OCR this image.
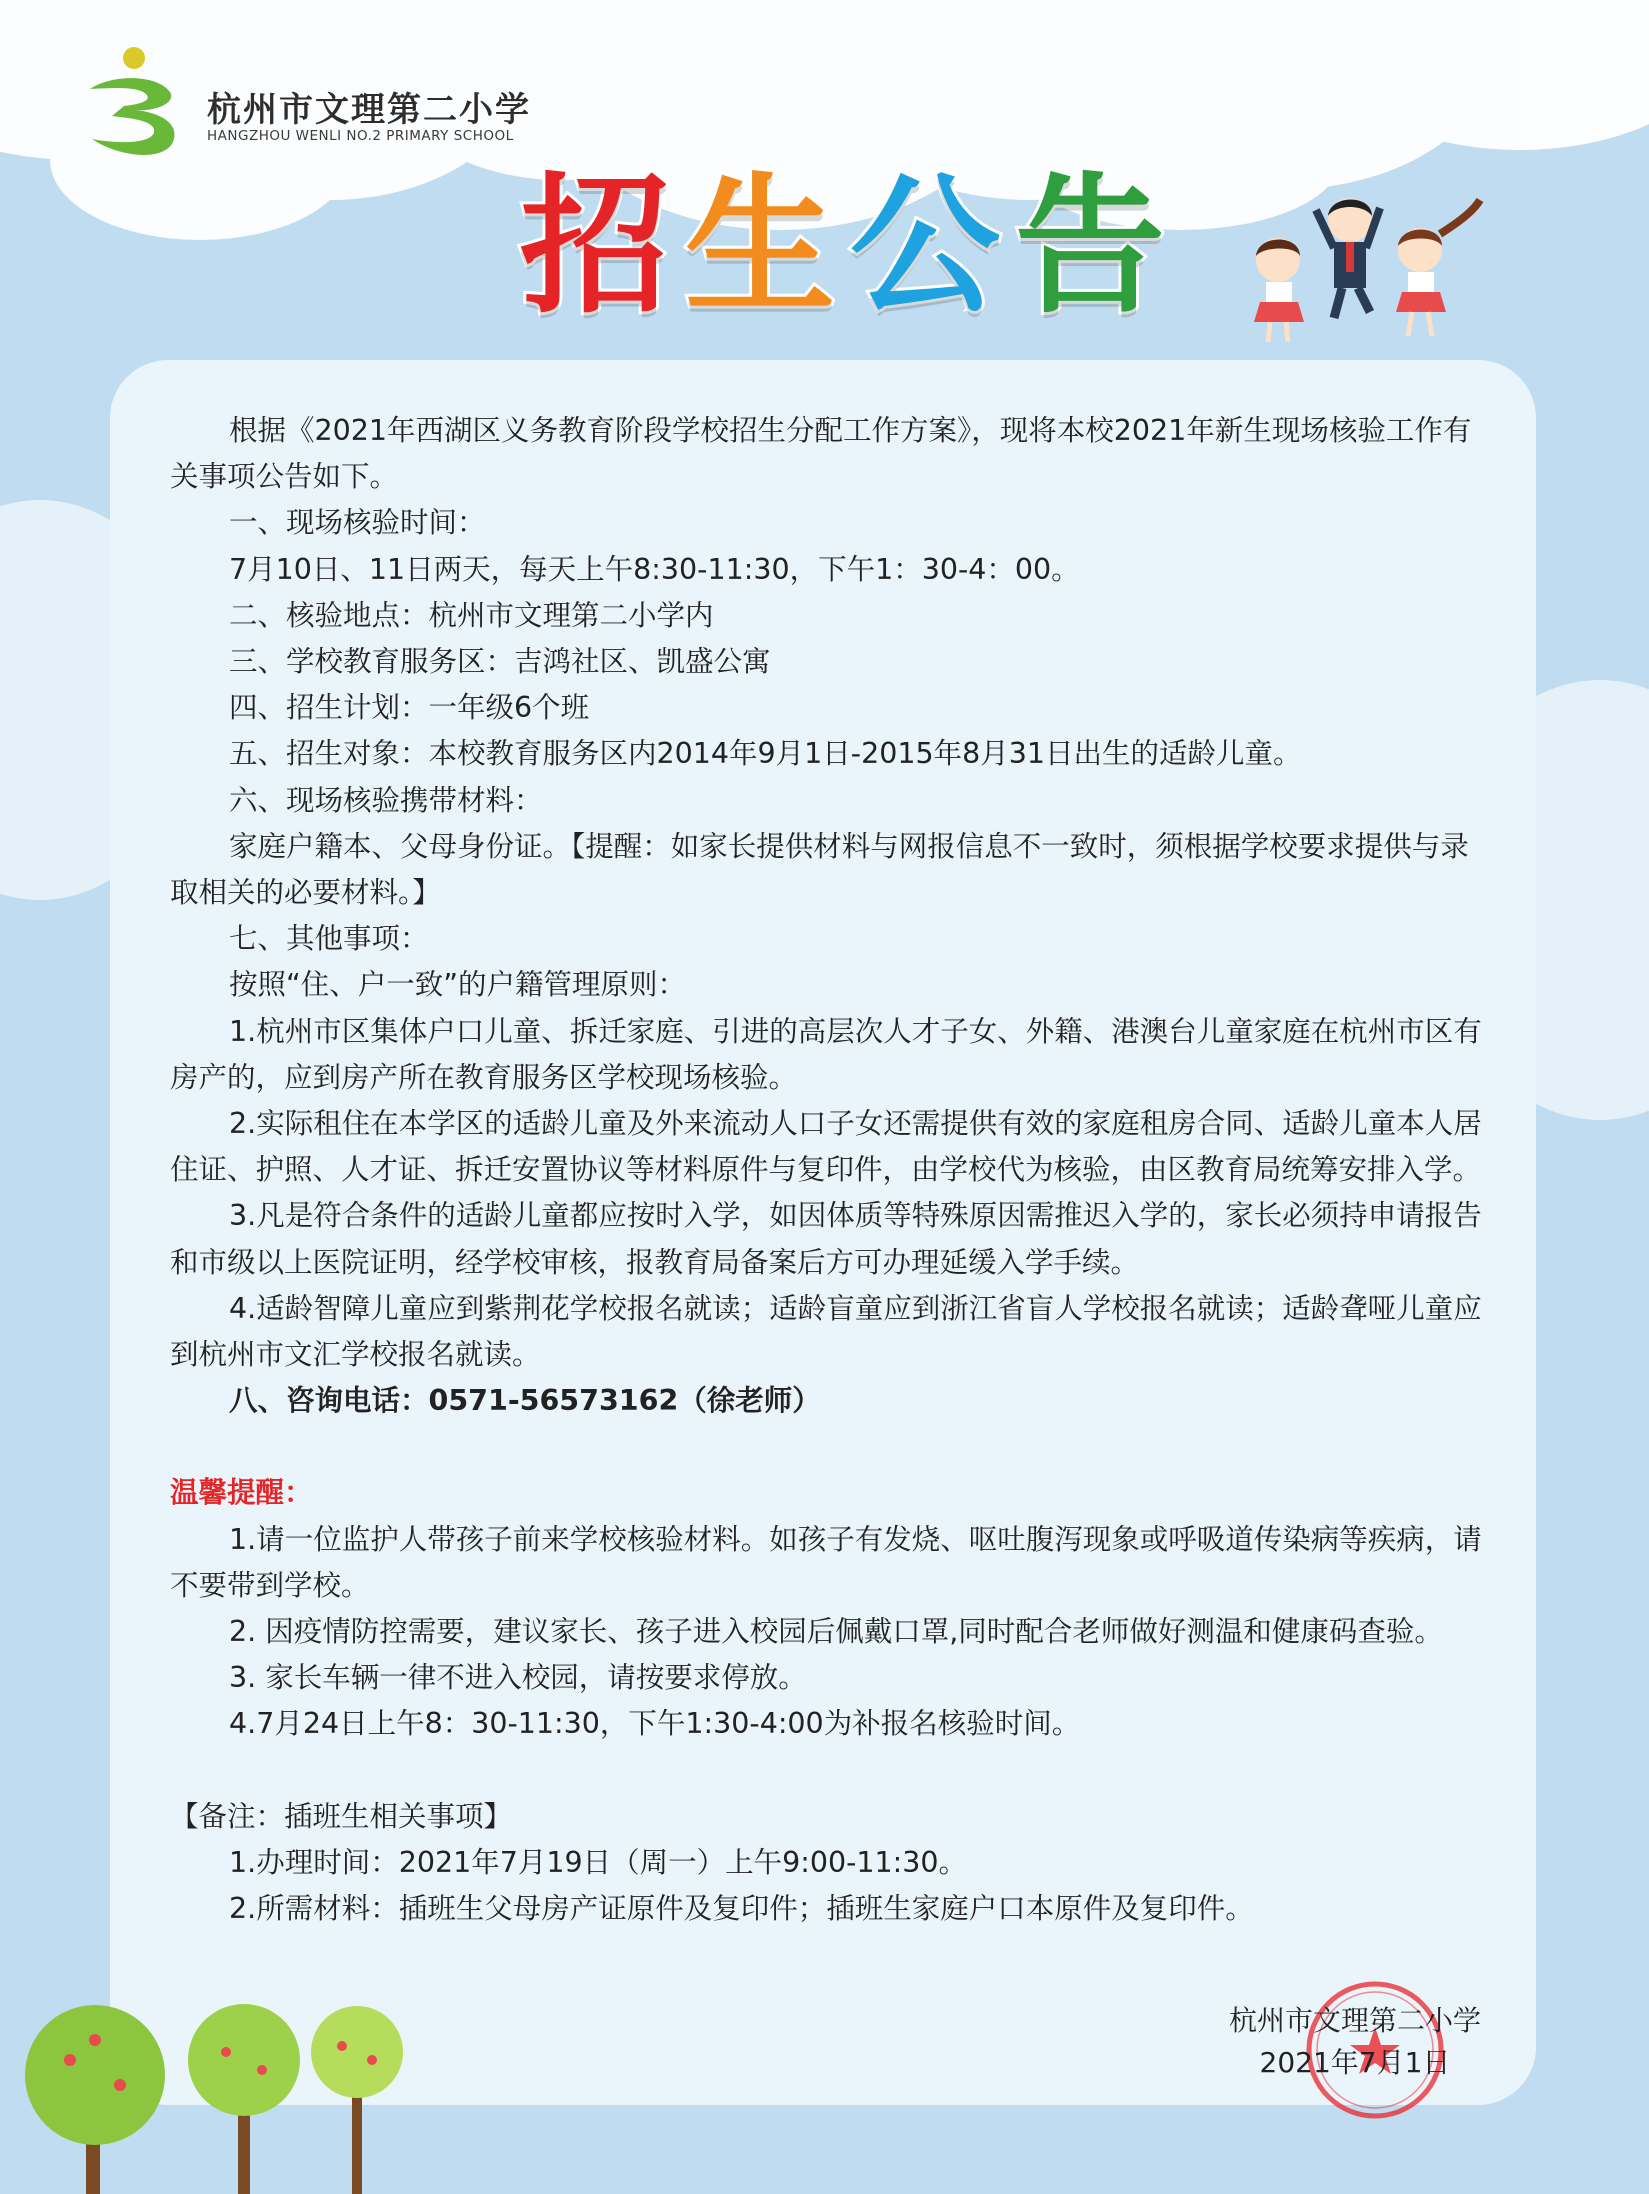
杭州市文理第二小学
HANGZHOU WENLI NO.2 PRIMARY SCHOOL
招 生 公 告

根据《2021年西湖区义务教育阶段学校招生分配工作方案》，现将本校2021年新生现场核验工作有关事项公告如下。

一、现场核验时间：

7月10日、11日两天，每天上午8:30-11:30，下午1：30-4：00。

二、核验地点：杭州市文理第二小学内

三、学校教育服务区：吉鸿社区、凯盛公寓

四、招生计划：一年级6个班

五、招生对象：本校教育服务区内2014年9月1日-2015年8月31日出生的适龄儿童。

六、现场核验携带材料：

家庭户籍本、父母身份证。【提醒：如家长提供材料与网报信息不一致时，须根据学校要求提供与录取相关的必要材料。】

七、其他事项：

按照“住、户一致”的户籍管理原则：

1.杭州市区集体户口儿童、拆迁家庭、引进的高层次人才子女、外籍、港澳台儿童家庭在杭州市区有房产的，应到房产所在教育服务区学校现场核验。

2.实际租住在本学区的适龄儿童及外来流动人口子女还需提供有效的家庭租房合同、适龄儿童本人居住证、护照、人才证、拆迁安置协议等材料原件与复印件，由学校代为核验，由区教育局统筹安排入学。

3.凡是符合条件的适龄儿童都应按时入学，如因体质等特殊原因需推迟入学的，家长必须持申请报告和市级以上医院证明，经学校审核，报教育局备案后方可办理延缓入学手续。

4.适龄智障儿童应到紫荆花学校报名就读；适龄盲童应到浙江省盲人学校报名就读；适龄聋哑儿童应到杭州市文汇学校报名就读。

八、咨询电话：0571-56573162（徐老师）

温馨提醒：

1.请一位监护人带孩子前来学校核验材料。如孩子有发烧、呕吐腹泻现象或呼吸道传染病等疾病，请不要带到学校。

2. 因疫情防控需要，建议家长、孩子进入校园后佩戴口罩,同时配合老师做好测温和健康码查验。

3. 家长车辆一律不进入校园，请按要求停放。

4.7月24日上午8：30-11:30，下午1:30-4:00为补报名核验时间。

【备注：插班生相关事项】

1.办理时间：2021年7月19日（周一）上午9:00-11:30。

2.所需材料：插班生父母房产证原件及复印件；插班生家庭户口本原件及复印件。

杭州市文理第二小学
2021年7月1日
